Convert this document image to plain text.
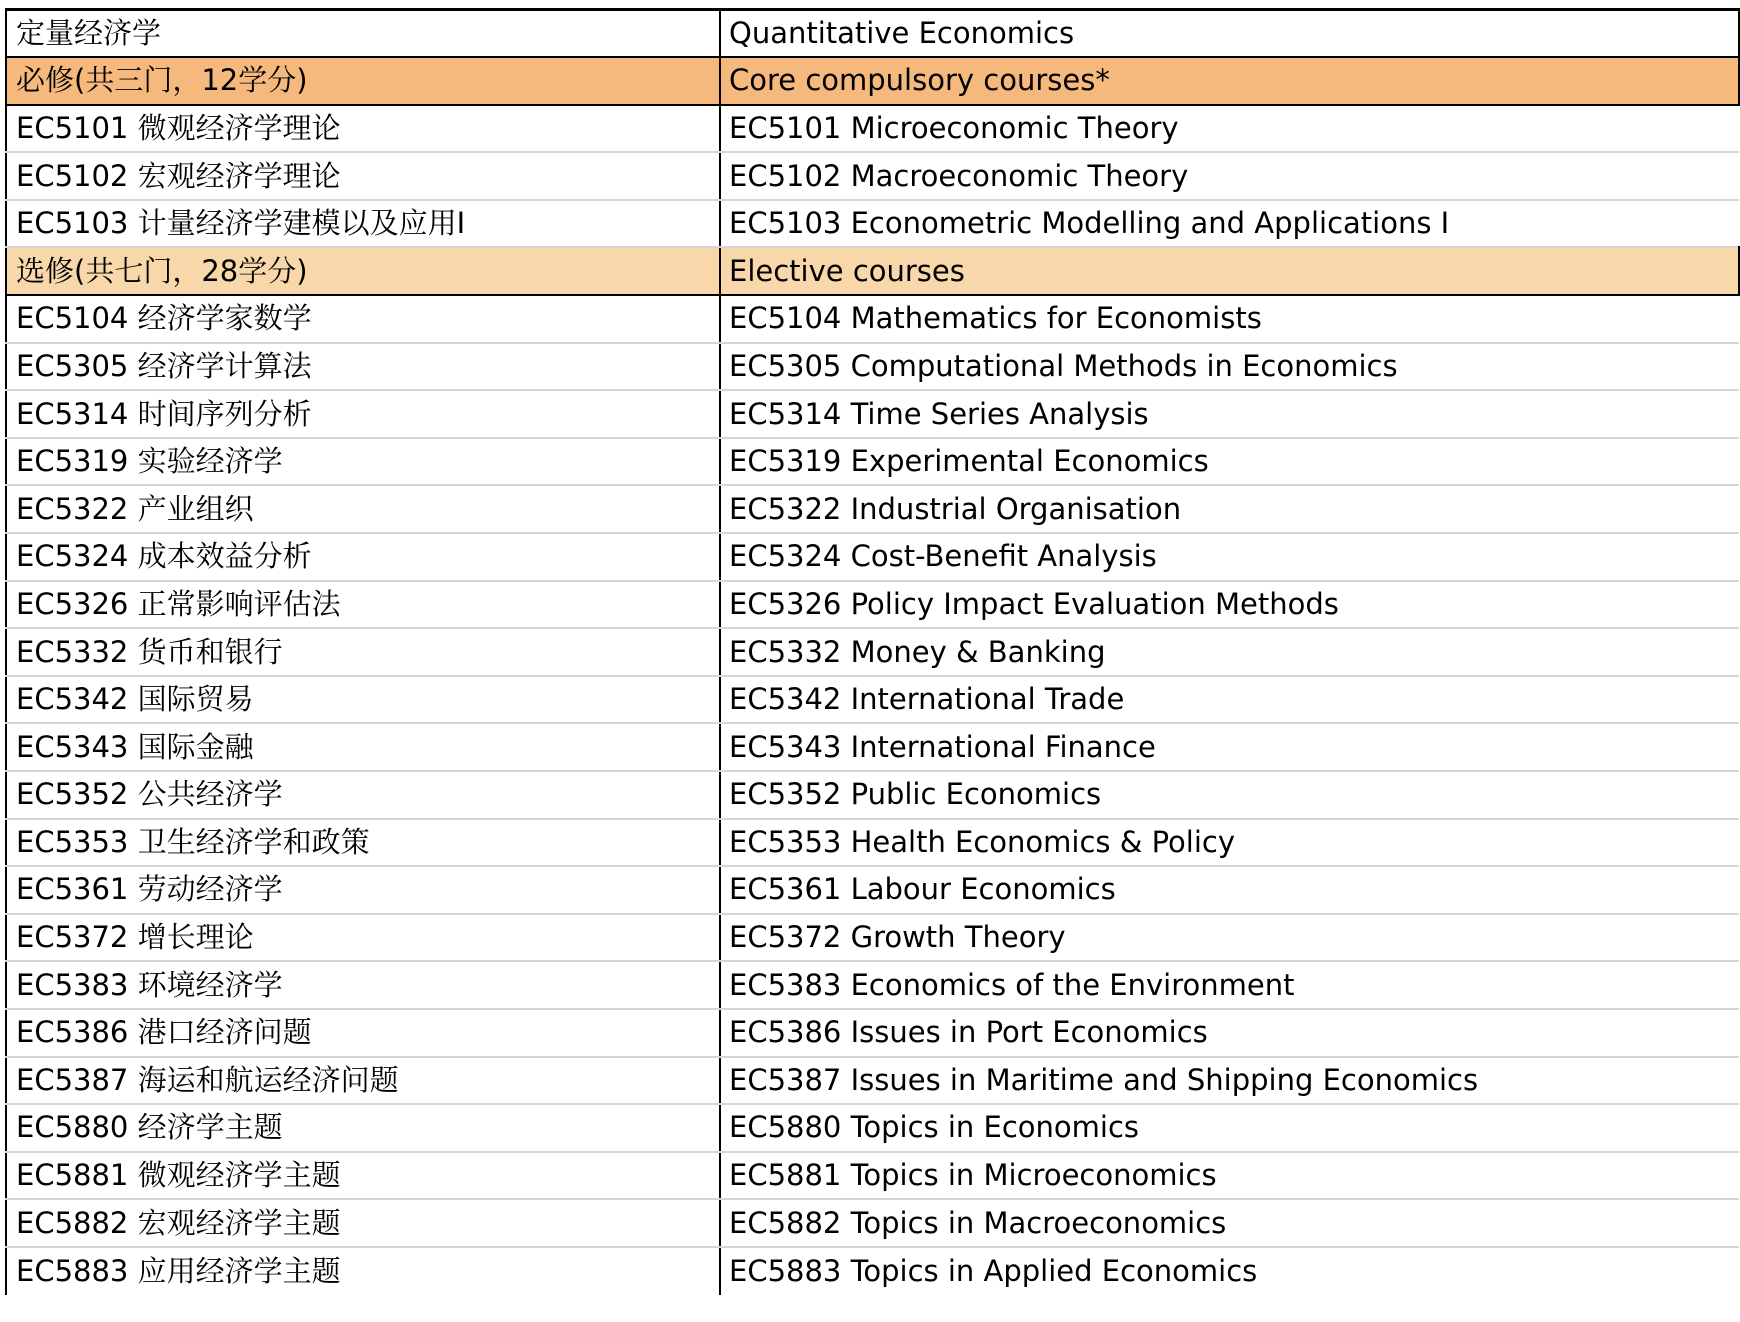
定量经济学	Quantitative Economics
必修(共三门，12学分)	Core compulsory courses*
EC5101 微观经济学理论	EC5101 Microeconomic Theory
EC5102 宏观经济学理论	EC5102 Macroeconomic Theory
EC5103 计量经济学建模以及应用I	EC5103 Econometric Modelling and Applications I
选修(共七门，28学分)	Elective courses
EC5104 经济学家数学	EC5104 Mathematics for Economists
EC5305 经济学计算法	EC5305 Computational Methods in Economics
EC5314 时间序列分析	EC5314 Time Series Analysis
EC5319 实验经济学	EC5319 Experimental Economics
EC5322 产业组织	EC5322 Industrial Organisation
EC5324 成本效益分析	EC5324 Cost-Benefit Analysis
EC5326 正常影响评估法	EC5326 Policy Impact Evaluation Methods
EC5332 货币和银行	EC5332 Money & Banking
EC5342 国际贸易	EC5342 International Trade
EC5343 国际金融	EC5343 International Finance
EC5352 公共经济学	EC5352 Public Economics
EC5353 卫生经济学和政策	EC5353 Health Economics & Policy
EC5361 劳动经济学	EC5361 Labour Economics
EC5372 增长理论	EC5372 Growth Theory
EC5383 环境经济学	EC5383 Economics of the Environment
EC5386 港口经济问题	EC5386 Issues in Port Economics
EC5387 海运和航运经济问题	EC5387 Issues in Maritime and Shipping Economics
EC5880 经济学主题	EC5880 Topics in Economics
EC5881 微观经济学主题	EC5881 Topics in Microeconomics
EC5882 宏观经济学主题	EC5882 Topics in Macroeconomics
EC5883 应用经济学主题	EC5883 Topics in Applied Economics
